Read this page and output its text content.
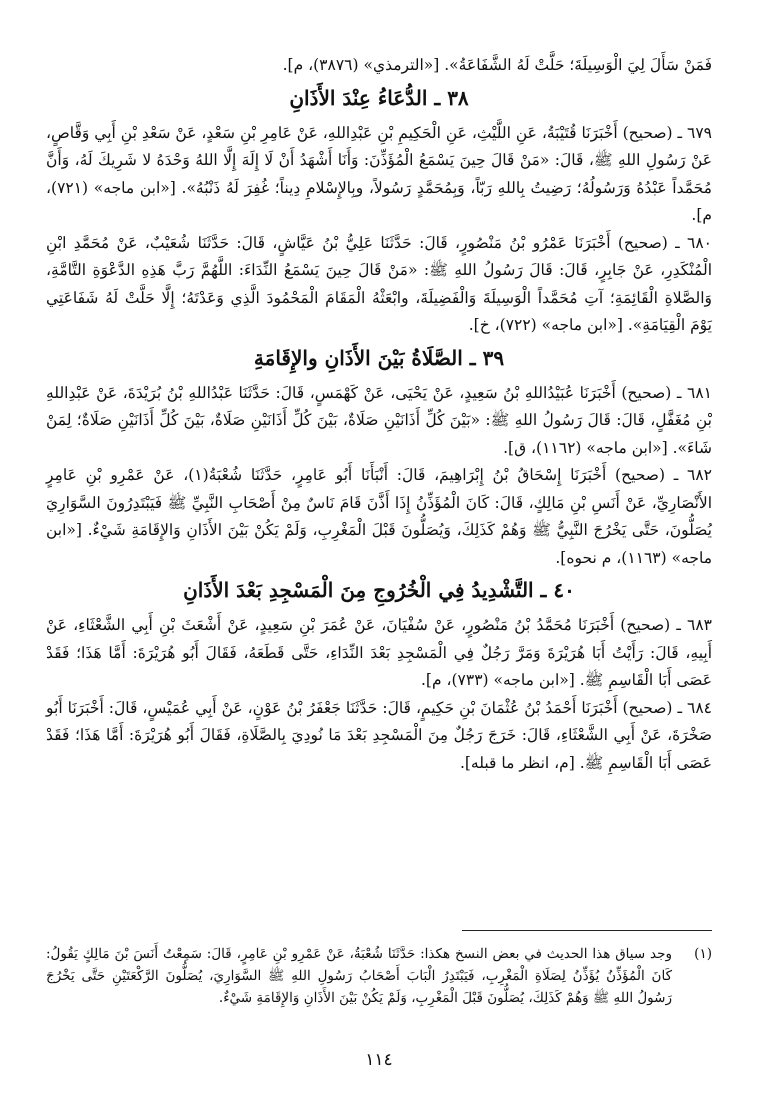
فَمَنْ سَأَلَ لِيَ الْوَسِيلَةَ؛ حَلَّتْ لَهُ الشَّفَاعَةُ». [«الترمذي» (٣٨٧٦)، م].

٣٨ ـ الدُّعَاءُ عِنْدَ الأَذَانِ

٦٧٩ ـ (صحيح) أَخْبَرَنَا قُتَيْبَةُ، عَنِ اللَّيْثِ، عَنِ الْحَكِيمِ بْنِ عَبْدِاللهِ، عَنْ عَامِرِ بْنِ سَعْدٍ، عَنْ سَعْدِ بْنِ أَبِي وَقَّاصٍ، عَنْ رَسُولِ اللهِ ﷺ، قَالَ: «مَنْ قَالَ حِينَ يَسْمَعُ الْمُؤَذِّنَ: وَأَنَا أَشْهَدُ أَنْ لَا إِلَهَ إِلَّا اللهُ وَحْدَهُ لا شَرِيكَ لَهُ، وَأَنَّ مُحَمَّداً عَبْدُهُ وَرَسُولُهُ؛ رَضِيتُ بِاللهِ رَبّاً، وَبِمُحَمَّدٍ رَسُولاً، وبِالإِسْلامِ دِيناً؛ غُفِرَ لَهُ ذَنْبُهُ». [«ابن ماجه» (٧٢١)، م].

٦٨٠ ـ (صحيح) أَخْبَرَنَا عَمْرُو بْنُ مَنْصُورٍ، قَالَ: حَدَّثَنَا عَلِيُّ بْنُ عَيَّاشٍ، قَالَ: حَدَّثَنَا شُعَيْبٌ، عَنْ مُحَمَّدِ ابْنِ الْمُنْكَدِرِ، عَنْ جَابِرٍ، قَالَ: قَالَ رَسُولُ اللهِ ﷺ: «مَنْ قَالَ حِينَ يَسْمَعُ النِّدَاءَ: اللَّهُمَّ رَبَّ هَذِهِ الدَّعْوَةِ التَّامَّةِ، وَالصَّلاةِ الْقَائِمَةِ؛ آتِ مُحَمَّداً الْوَسِيلَةَ وَالْفَضِيلَةَ، وابْعَثْهُ الْمَقَامَ الْمَحْمُودَ الَّذِي وَعَدْتَهُ؛ إِلَّا حَلَّتْ لَهُ شَفَاعَتِي يَوْمَ الْقِيَامَةِ». [«ابن ماجه» (٧٢٢)، خ].

٣٩ ـ الصَّلَاةُ بَيْنَ الأَذَانِ والإِقَامَةِ

٦٨١ ـ (صحيح) أَخْبَرَنَا عُبَيْدُاللهِ بْنُ سَعِيدٍ، عَنْ يَحْيَى، عَنْ كَهْمَسٍ، قَالَ: حَدَّثَنَا عَبْدُاللهِ بْنُ بُرَيْدَةَ، عَنْ عَبْدِاللهِ بْنِ مُغَفَّلٍ، قَالَ: قَالَ رَسُولُ اللهِ ﷺ: «بَيْنَ كُلِّ أَذَانَيْنِ صَلَاةٌ، بَيْنَ كُلِّ أَذَانَيْنِ صَلَاةٌ، بَيْنَ كُلِّ أَذَانَيْنِ صَلَاةٌ؛ لِمَنْ شَاءَ». [«ابن ماجه» (١١٦٢)، ق].

٦٨٢ ـ (صحيح) أَخْبَرَنَا إِسْحَاقُ بْنُ إِبْرَاهِيمَ، قَالَ: أَنْبَأَنَا أَبُو عَامِرٍ، حَدَّثَنَا شُعْبَةُ(١)، عَنْ عَمْرِو بْنِ عَامِرٍ الأَنْصَارِيِّ، عَنْ أَنَسِ بْنِ مَالِكٍ، قَالَ: كَانَ الْمُؤَذِّنُ إِذَا أَذَّنَ قَامَ نَاسٌ مِنْ أَصْحَابِ النَّبِيِّ ﷺ فَيَبْتَدِرُونَ السَّوَارِيَ يُصَلُّونَ، حَتَّى يَخْرُجَ النَّبِيُّ ﷺ وَهُمْ كَذَلِكَ، وَيُصَلُّونَ قَبْلَ الْمَغْرِبِ، وَلَمْ يَكُنْ بَيْنَ الأَذَانِ وَالإِقَامَةِ شَيْءٌ. [«ابن ماجه» (١١٦٣)، م نحوه].

٤٠ ـ التَّشْدِيدُ فِي الْخُرُوجِ مِنَ الْمَسْجِدِ بَعْدَ الأَذَانِ

٦٨٣ ـ (صحيح) أَخْبَرَنَا مُحَمَّدُ بْنُ مَنْصُورٍ، عَنْ سُفْيَانَ، عَنْ عُمَرَ بْنِ سَعِيدٍ، عَنْ أَشْعَثَ بْنِ أَبِي الشَّعْثَاءِ، عَنْ أَبِيهِ، قَالَ: رَأَيْتُ أَبَا هُرَيْرَةَ وَمَرَّ رَجُلٌ فِي الْمَسْجِدِ بَعْدَ النِّدَاءِ، حَتَّى قَطَعَهُ، فَقَالَ أَبُو هُرَيْرَةَ: أَمَّا هَذَا؛ فَقَدْ عَصَى أَبَا الْقَاسِمِ ﷺ. [«ابن ماجه» (٧٣٣)، م].

٦٨٤ ـ (صحيح) أَخْبَرَنَا أَحْمَدُ بْنُ عُثْمَانَ بْنِ حَكِيمٍ، قَالَ: حَدَّثَنَا جَعْفَرُ بْنُ عَوْنٍ، عَنْ أَبِي عُمَيْسٍ، قَالَ: أَخْبَرَنَا أَبُو صَخْرَةَ، عَنْ أَبِي الشَّعْثَاءِ، قَالَ: خَرَجَ رَجُلٌ مِنَ الْمَسْجِدِ بَعْدَ مَا نُودِيَ بِالصَّلَاةِ، فَقَالَ أَبُو هُرَيْرَةَ: أَمَّا هَذَا؛ فَقَدْ عَصَى أَبَا الْقَاسِمِ ﷺ. [م، انظر ما قبله].

(١)
وجد سياق هذا الحديث في بعض النسخ هكذا: حَدَّثَنَا شُعْبَةُ، عَنْ عَمْرِو بْنِ عَامِرٍ، قَالَ: سَمِعْتُ أَنَسَ بْنَ مَالِكٍ يَقُولُ: كَانَ الْمُؤَذِّنُ يُؤَذِّنُ لِصَلَاةِ الْمَغْرِبِ، فَيَبْتَدِرُ الْبَابَ أَصْحَابُ رَسُولِ اللهِ ﷺ السَّوَارِيَ، يُصَلُّونَ الرَّكْعَتَيْنِ حَتَّى يَخْرُجَ رَسُولُ اللهِ ﷺ وَهُمْ كَذَلِكَ، يُصَلُّونَ قَبْلَ الْمَغْرِبِ، وَلَمْ يَكُنْ بَيْنَ الأَذَانِ وَالإِقَامَةِ شَيْءٌ.
١١٤
